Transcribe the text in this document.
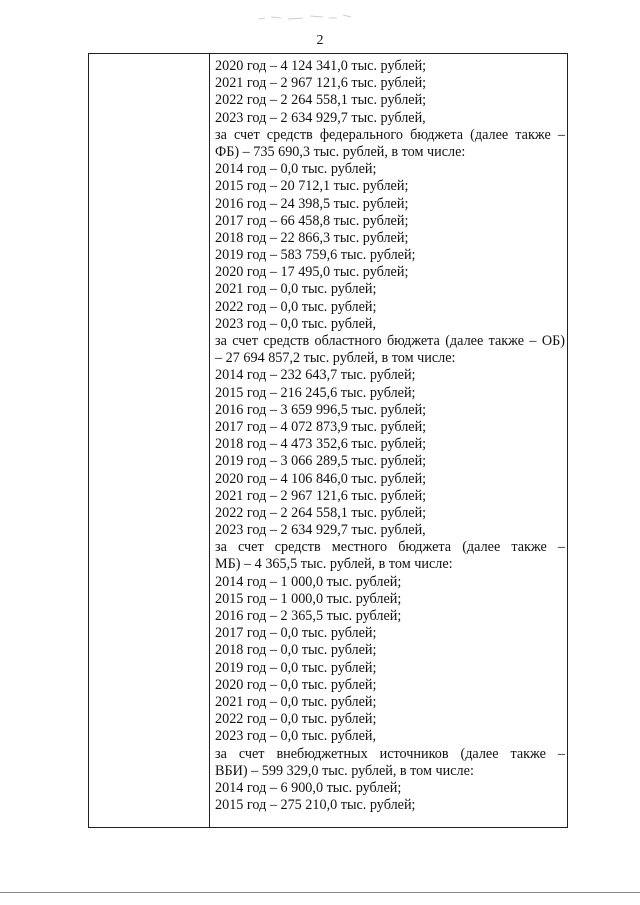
2
2020 год – 4 124 341,0 тыс. рублей;
2021 год – 2 967 121,6 тыс. рублей;
2022 год – 2 264 558,1 тыс. рублей;
2023 год – 2 634 929,7 тыс. рублей,
за счет средств федерального бюджета (далее также –
ФБ) – 735 690,3 тыс. рублей, в том числе:
2014 год – 0,0 тыс. рублей;
2015 год – 20 712,1 тыс. рублей;
2016 год – 24 398,5 тыс. рублей;
2017 год – 66 458,8 тыс. рублей;
2018 год – 22 866,3 тыс. рублей;
2019 год – 583 759,6 тыс. рублей;
2020 год – 17 495,0 тыс. рублей;
2021 год – 0,0 тыс. рублей;
2022 год – 0,0 тыс. рублей;
2023 год – 0,0 тыс. рублей,
за счет средств областного бюджета (далее также – ОБ)
– 27 694 857,2 тыс. рублей, в том числе:
2014 год – 232 643,7 тыс. рублей;
2015 год – 216 245,6 тыс. рублей;
2016 год – 3 659 996,5 тыс. рублей;
2017 год – 4 072 873,9 тыс. рублей;
2018 год – 4 473 352,6 тыс. рублей;
2019 год – 3 066 289,5 тыс. рублей;
2020 год – 4 106 846,0 тыс. рублей;
2021 год – 2 967 121,6 тыс. рублей;
2022 год – 2 264 558,1 тыс. рублей;
2023 год – 2 634 929,7 тыс. рублей,
за счет средств местного бюджета (далее также –
МБ) – 4 365,5 тыс. рублей, в том числе:
2014 год – 1 000,0 тыс. рублей;
2015 год – 1 000,0 тыс. рублей;
2016 год – 2 365,5 тыс. рублей;
2017 год – 0,0 тыс. рублей;
2018 год – 0,0 тыс. рублей;
2019 год – 0,0 тыс. рублей;
2020 год – 0,0 тыс. рублей;
2021 год – 0,0 тыс. рублей;
2022 год – 0,0 тыс. рублей;
2023 год – 0,0 тыс. рублей,
за счет внебюджетных источников (далее также –
ВБИ) – 599 329,0 тыс. рублей, в том числе:
2014 год – 6 900,0 тыс. рублей;
2015 год – 275 210,0 тыс. рублей;
